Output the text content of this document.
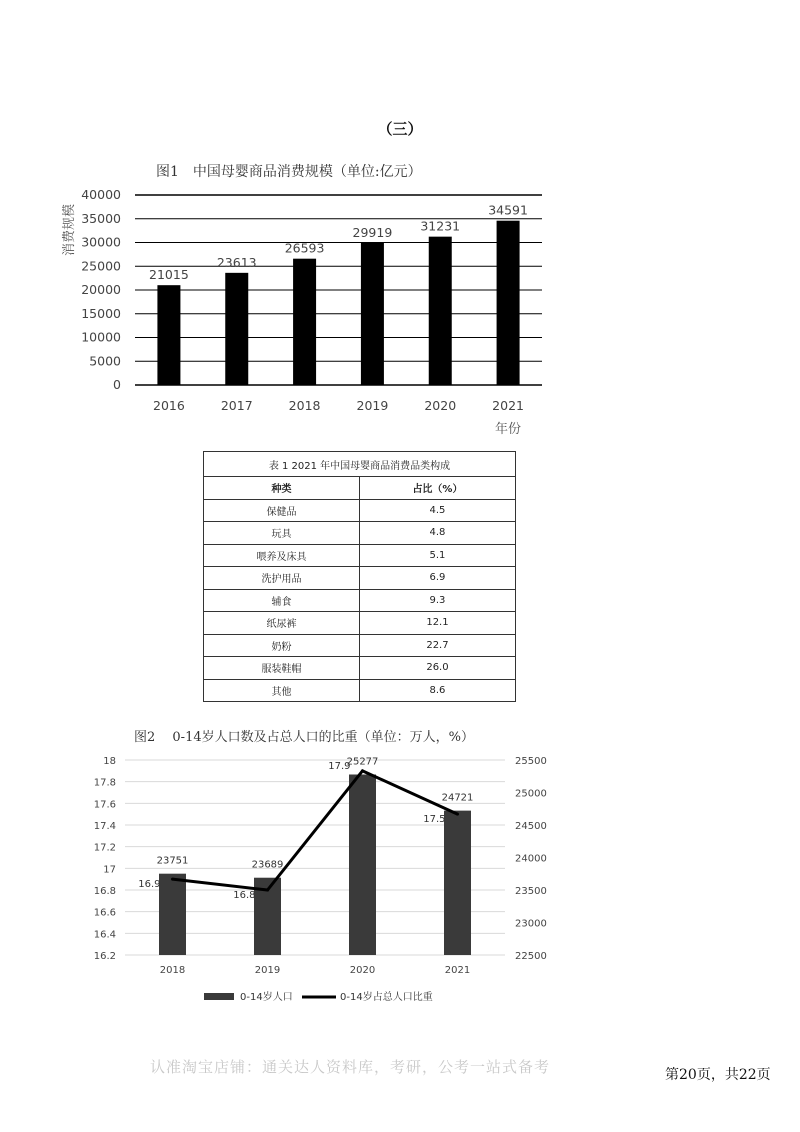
（三）
图1　中国母婴商品消费规模（单位:亿元）
0
5000
10000
15000
20000
25000
30000
35000
40000
21015
23613
26593
29919 31231
34591
2016	2017	2018	2019	2020	2021
消费规模
年份
表 1 2021 年中国母婴商品消费品类构成	
种类	占比（%）
保健品	4.5
玩具	4.8
喂养及床具	5.1
洗护用品	6.9
辅食	9.3
纸尿裤	12.1
奶粉	22.7
服装鞋帽	26.0
其他	8.6
图2　 0-14岁人口数及占总人口的比重（单位：万人，%）
16.2
16.4
16.6
16.8
17
17.2
17.4
17.6
17.8
18
22500
23000
23500
24000
24500
25000
25500
23751	23689
25277
24721
16.9
16.8
17.9
17.5
2018	2019	2020	2021
0-14岁人口	0-14岁占总人口比重
认准淘宝店铺：通关达人资料库，考研，公考一站式备考	第20页，共22页
